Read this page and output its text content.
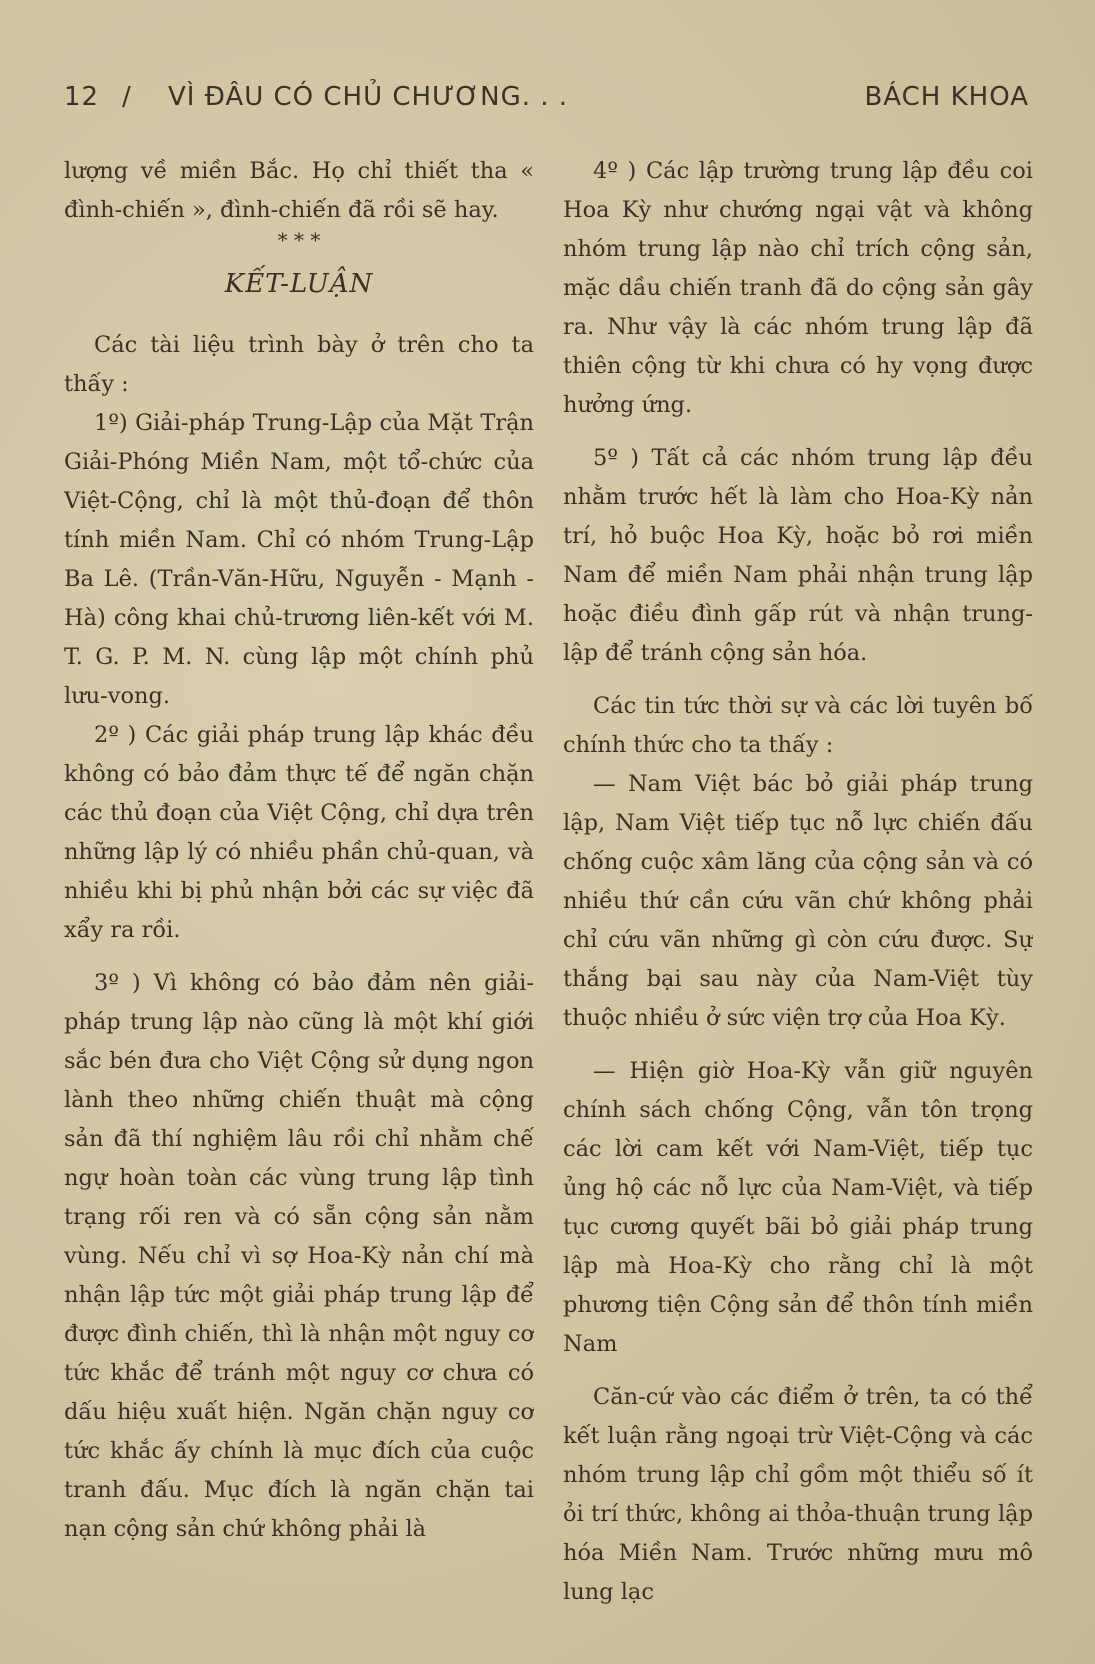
12 / VÌ ĐÂU CÓ CHỦ CHƯƠNG. . .	BÁCH KHOA

lượng về miền Bắc. Họ chỉ thiết tha « đình-chiến », đình-chiến đã rồi sẽ hay.

* * *

KẾT-LUẬN

Các tài liệu trình bày ở trên cho ta thấy :

1º) Giải-pháp Trung-Lập của Mặt Trận Giải-Phóng Miền Nam, một tổ-chức của Việt-Cộng, chỉ là một thủ-đoạn để thôn tính miền Nam. Chỉ có nhóm Trung-Lập Ba Lê. (Trần-Văn-Hữu, Nguyễn - Mạnh - Hà) công khai chủ-trương liên-kết với M. T. G. P. M. N. cùng lập một chính phủ lưu-vong.

2º ) Các giải pháp trung lập khác đều không có bảo đảm thực tế để ngăn chặn các thủ đoạn của Việt Cộng, chỉ dựa trên những lập lý có nhiều phần chủ-quan, và nhiều khi bị phủ nhận bởi các sự việc đã xẩy ra rồi.

3º ) Vì không có bảo đảm nên giải-pháp trung lập nào cũng là một khí giới sắc bén đưa cho Việt Cộng sử dụng ngon lành theo những chiến thuật mà cộng sản đã thí nghiệm lâu rồi chỉ nhằm chế ngự hoàn toàn các vùng trung lập tình trạng rối ren và có sẵn cộng sản nằm vùng. Nếu chỉ vì sợ Hoa-Kỳ nản chí mà nhận lập tức một giải pháp trung lập để được đình chiến, thì là nhận một nguy cơ tức khắc để tránh một nguy cơ chưa có dấu hiệu xuất hiện. Ngăn chặn nguy cơ tức khắc ấy chính là mục đích của cuộc tranh đấu. Mục đích là ngăn chặn tai nạn cộng sản chứ không phải là

4º ) Các lập trường trung lập đều coi Hoa Kỳ như chướng ngại vật và không nhóm trung lập nào chỉ trích cộng sản, mặc dầu chiến tranh đã do cộng sản gây ra. Như vậy là các nhóm trung lập đã thiên cộng từ khi chưa có hy vọng được hưởng ứng.

5º ) Tất cả các nhóm trung lập đều nhằm trước hết là làm cho Hoa-Kỳ nản trí, hỏ buộc Hoa Kỳ, hoặc bỏ rơi miền Nam để miền Nam phải nhận trung lập hoặc điều đình gấp rút và nhận trung-lập để tránh cộng sản hóa.

Các tin tức thời sự và các lời tuyên bố chính thức cho ta thấy :

— Nam Việt bác bỏ giải pháp trung lập, Nam Việt tiếp tục nỗ lực chiến đấu chống cuộc xâm lăng của cộng sản và có nhiều thứ cần cứu vãn chứ không phải chỉ cứu vãn những gì còn cứu được. Sự thắng bại sau này của Nam-Việt tùy thuộc nhiều ở sức viện trợ của Hoa Kỳ.

— Hiện giờ Hoa-Kỳ vẫn giữ nguyên chính sách chống Cộng, vẫn tôn trọng các lời cam kết với Nam-Việt, tiếp tục ủng hộ các nỗ lực của Nam-Việt, và tiếp tục cương quyết bãi bỏ giải pháp trung lập mà Hoa-Kỳ cho rằng chỉ là một phương tiện Cộng sản để thôn tính miền Nam

Căn-cứ vào các điểm ở trên, ta có thể kết luận rằng ngoại trừ Việt-Cộng và các nhóm trung lập chỉ gồm một thiểu số ít ỏi trí thức, không ai thỏa-thuận trung lập hóa Miền Nam. Trước những mưu mô lung lạc
